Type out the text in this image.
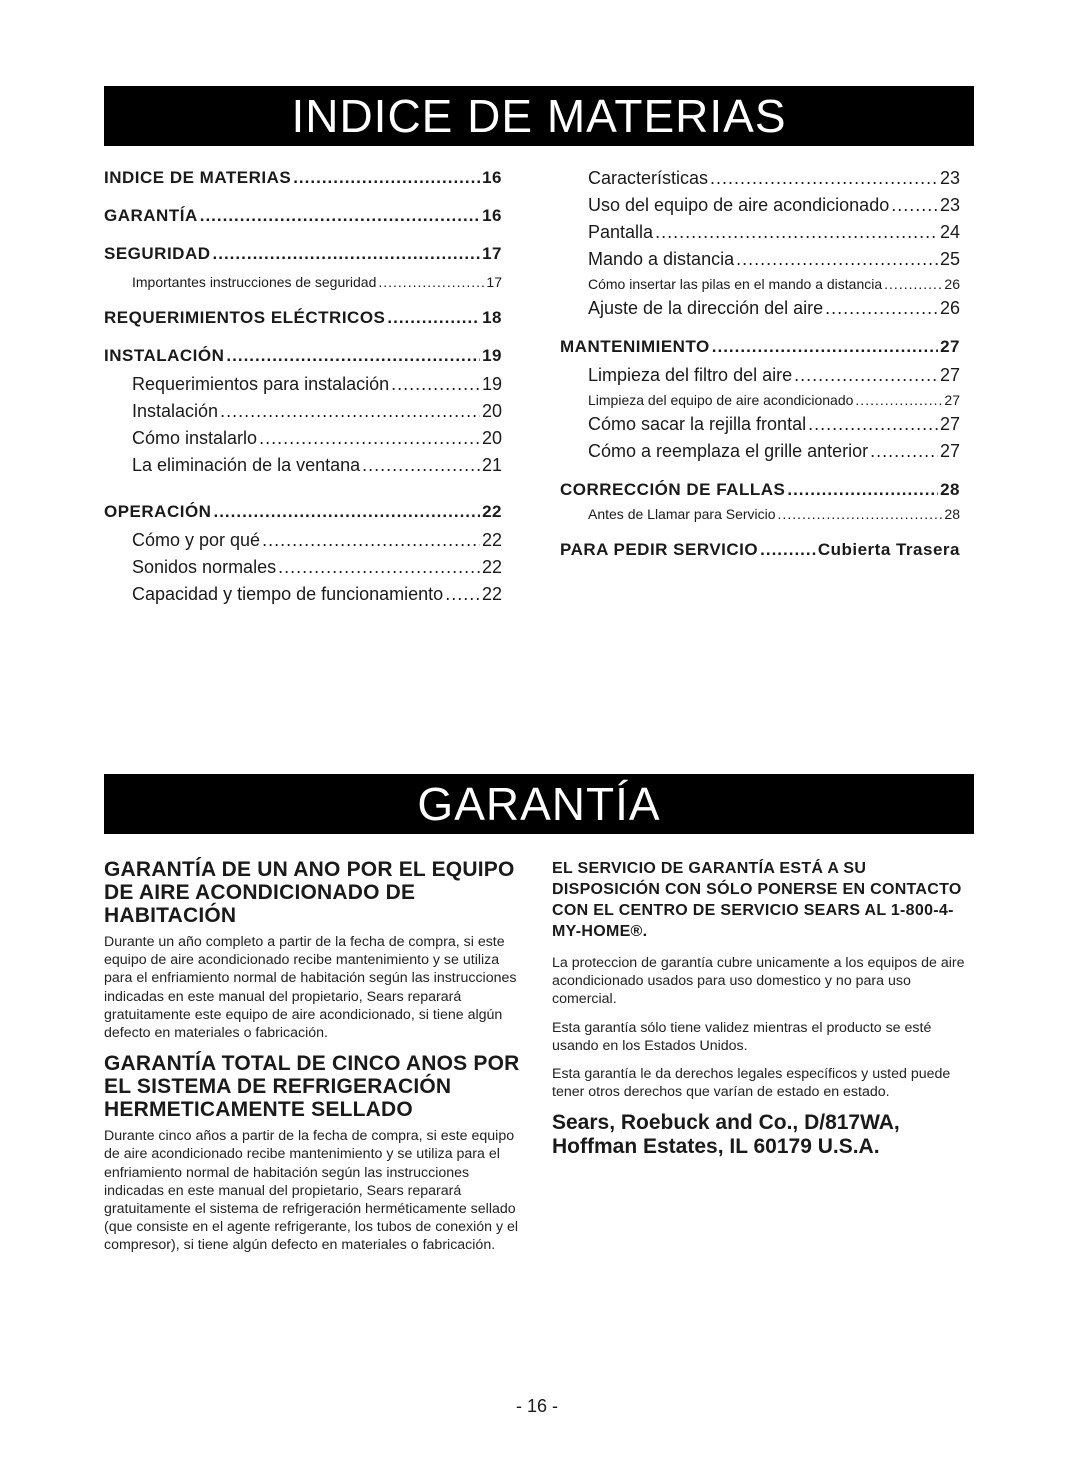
INDICE DE MATERIAS
INDICE DE MATERIAS .....	16
GARANTÍA .....	16
SEGURIDAD .....	17
Importantes instrucciones de seguridad .....	17
REQUERIMIENTOS ELÉCTRICOS .....	18
INSTALACIÓN .....	19
Requerimientos para instalación .....	19
Instalación .....	20
Cómo instalarlo .....	20
La eliminación de la ventana .....	21
OPERACIÓN .....	22
Cómo y por qué .....	22
Sonidos normales .....	22
Capacidad y tiempo de funcionamiento ..... 22
Características .....	23
Uso del equipo de aire acondicionado .....	23
Pantalla .....	24
Mando a distancia .....	25
Cómo insertar las pilas en el mando a distancia .....	26
Ajuste de la dirección del aire .....	26
MANTENIMIENTO .....	27
Limpieza del filtro del aire .....	27
Limpieza del equipo de aire acondicionado .....	27
Cómo sacar la rejilla frontal .....	27
Cómo a reemplaza el grille anterior .....	27
CORRECCIÓN DE FALLAS .....	28
Antes de Llamar para Servicio .....	28
PARA PEDIR SERVICIO .....	Cubierta Trasera
GARANTÍA
GARANTÍA DE UN ANO POR EL EQUIPO DE AIRE ACONDICIONADO DE HABITACIÓN
Durante un año completo a partir de la fecha de compra, si este equipo de aire acondicionado recibe mantenimiento y se utiliza para el enfriamiento normal de habitación según las instrucciones indicadas en este manual del propietario, Sears reparará gratuitamente este equipo de aire acondicionado, si tiene algún defecto en materiales o fabricación.
GARANTÍA TOTAL DE CINCO ANOS POR EL SISTEMA DE REFRIGERACIÓN HERMETICAMENTE SELLADO
Durante cinco años a partir de la fecha de compra, si este equipo de aire acondicionado recibe mantenimiento y se utiliza para el enfriamiento normal de habitación según las instrucciones indicadas en este manual del propietario, Sears reparará gratuitamente el sistema de refrigeración herméticamente sellado (que consiste en el agente refrigerante, los tubos de conexión y el compresor), si tiene algún defecto en materiales o fabricación.
EL SERVICIO DE GARANTÍA ESTÁ A SU DISPOSICIÓN CON SÓLO PONERSE EN CONTACTO CON EL CENTRO DE SERVICIO SEARS AL 1-800-4-MY-HOME®.
La proteccion de garantía cubre unicamente a los equipos de aire acondicionado usados para uso domestico y no para uso comercial.
Esta garantía sólo tiene validez mientras el producto se esté usando en los Estados Unidos.
Esta garantía le da derechos legales específicos y usted puede tener otros derechos que varían de estado en estado.
Sears, Roebuck and Co., D/817WA, Hoffman Estates, IL 60179 U.S.A.
- 16 -
